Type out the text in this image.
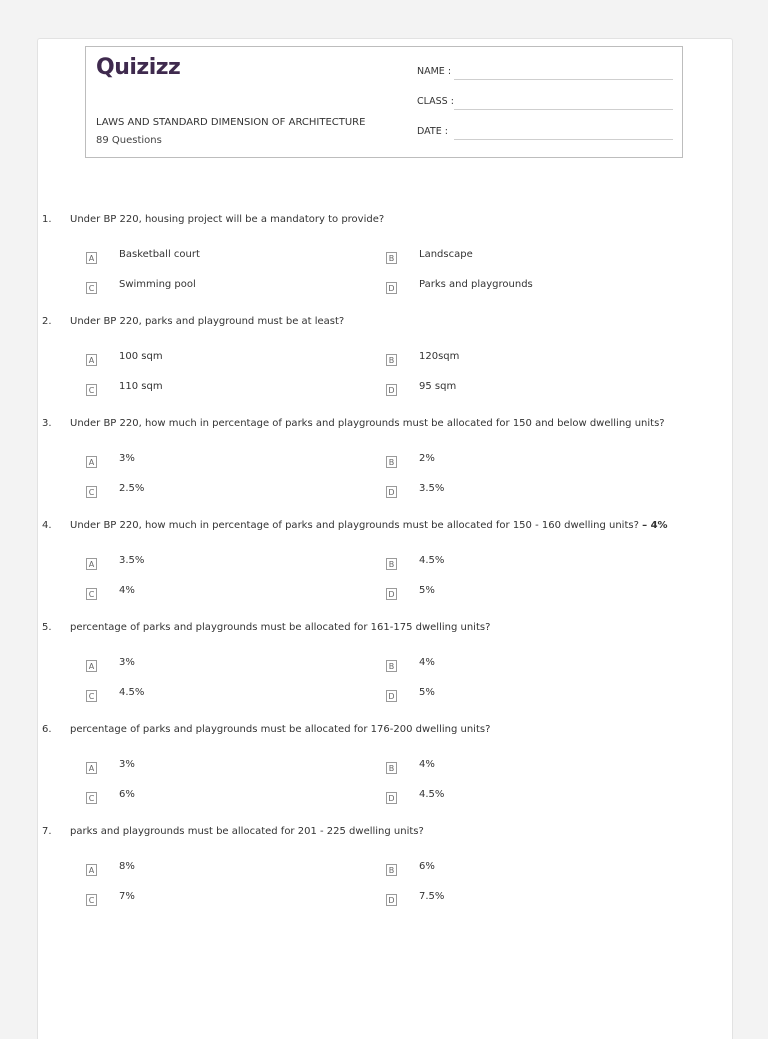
Quizizz
LAWS AND STANDARD DIMENSION OF ARCHITECTURE
89 Questions
NAME :
CLASS :
DATE :
1. Under BP 220, housing project will be a mandatory to provide?
A Basketball court	B Landscape
C Swimming pool	D Parks and playgrounds
2. Under BP 220, parks and playground must be at least?
A 100 sqm	B 120sqm
C 110 sqm	D 95 sqm
3. Under BP 220, how much in percentage of parks and playgrounds must be allocated for 150 and below dwelling units?
A 3%	B 2%
C 2.5%	D 3.5%
4. Under BP 220, how much in percentage of parks and playgrounds must be allocated for 150 - 160 dwelling units? – 4%
A 3.5%	B 4.5%
C 4%	D 5%
5. percentage of parks and playgrounds must be allocated for 161-175 dwelling units?
A 3%	B 4%
C 4.5%	D 5%
6. percentage of parks and playgrounds must be allocated for 176-200 dwelling units?
A 3%	B 4%
C 6%	D 4.5%
7. parks and playgrounds must be allocated for 201 - 225 dwelling units?
A 8%	B 6%
C 7%	D 7.5%
